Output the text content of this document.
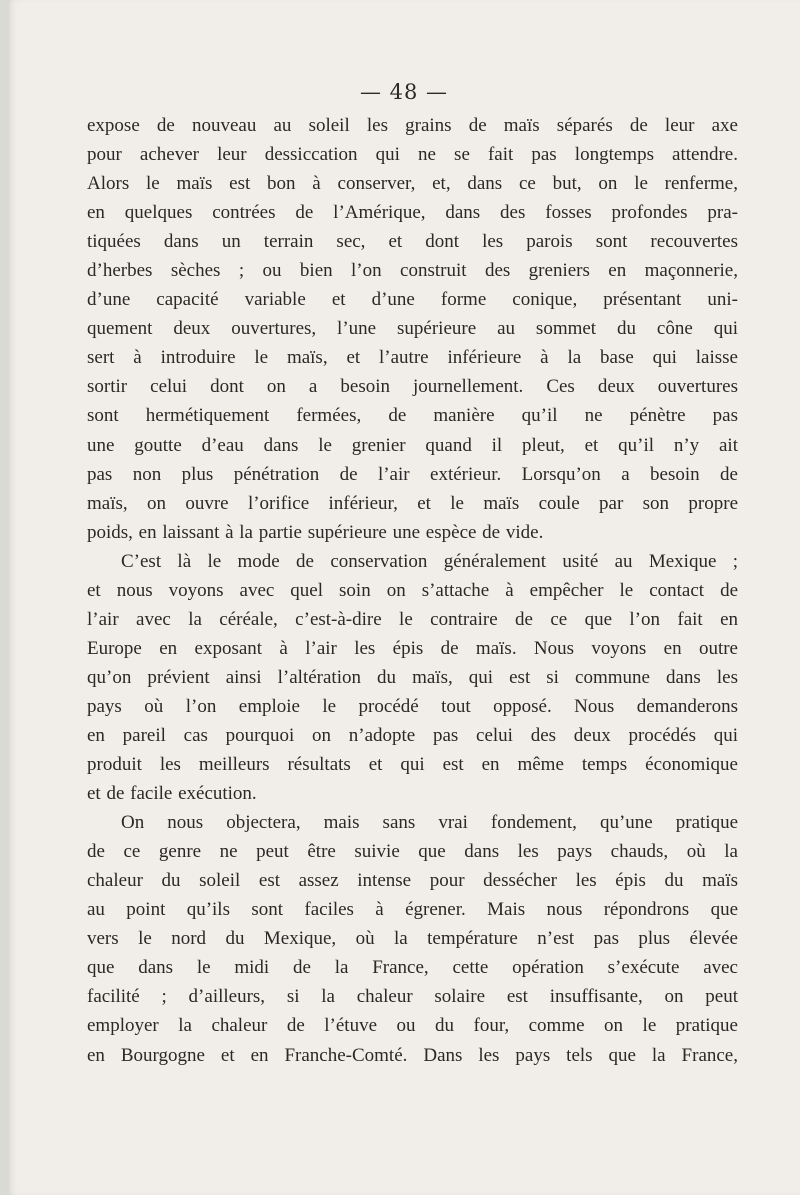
— 48 —
expose de nouveau au soleil les grains de maïs séparés de leur axe
pour achever leur dessiccation qui ne se fait pas longtemps attendre.
Alors le maïs est bon à conserver, et, dans ce but, on le renferme,
en quelques contrées de l’Amérique, dans des fosses profondes pra-
tiquées dans un terrain sec, et dont les parois sont recouvertes
d’herbes sèches ; ou bien l’on construit des greniers en maçonnerie,
d’une capacité variable et d’une forme conique, présentant uni-
quement deux ouvertures, l’une supérieure au sommet du cône qui
sert à introduire le maïs, et l’autre inférieure à la base qui laisse
sortir celui dont on a besoin journellement. Ces deux ouvertures
sont hermétiquement fermées, de manière qu’il ne pénètre pas
une goutte d’eau dans le grenier quand il pleut, et qu’il n’y ait
pas non plus pénétration de l’air extérieur. Lorsqu’on a besoin de
maïs, on ouvre l’orifice inférieur, et le maïs coule par son propre
poids, en laissant à la partie supérieure une espèce de vide.
C’est là le mode de conservation généralement usité au Mexique ;
et nous voyons avec quel soin on s’attache à empêcher le contact de
l’air avec la céréale, c’est-à-dire le contraire de ce que l’on fait en
Europe en exposant à l’air les épis de maïs. Nous voyons en outre
qu’on prévient ainsi l’altération du maïs, qui est si commune dans les
pays où l’on emploie le procédé tout opposé. Nous demanderons
en pareil cas pourquoi on n’adopte pas celui des deux procédés qui
produit les meilleurs résultats et qui est en même temps économique
et de facile exécution.
On nous objectera, mais sans vrai fondement, qu’une pratique
de ce genre ne peut être suivie que dans les pays chauds, où la
chaleur du soleil est assez intense pour dessécher les épis du maïs
au point qu’ils sont faciles à égrener. Mais nous répondrons que
vers le nord du Mexique, où la température n’est pas plus élevée
que dans le midi de la France, cette opération s’exécute avec
facilité ; d’ailleurs, si la chaleur solaire est insuffisante, on peut
employer la chaleur de l’étuve ou du four, comme on le pratique
en Bourgogne et en Franche-Comté. Dans les pays tels que la France,
